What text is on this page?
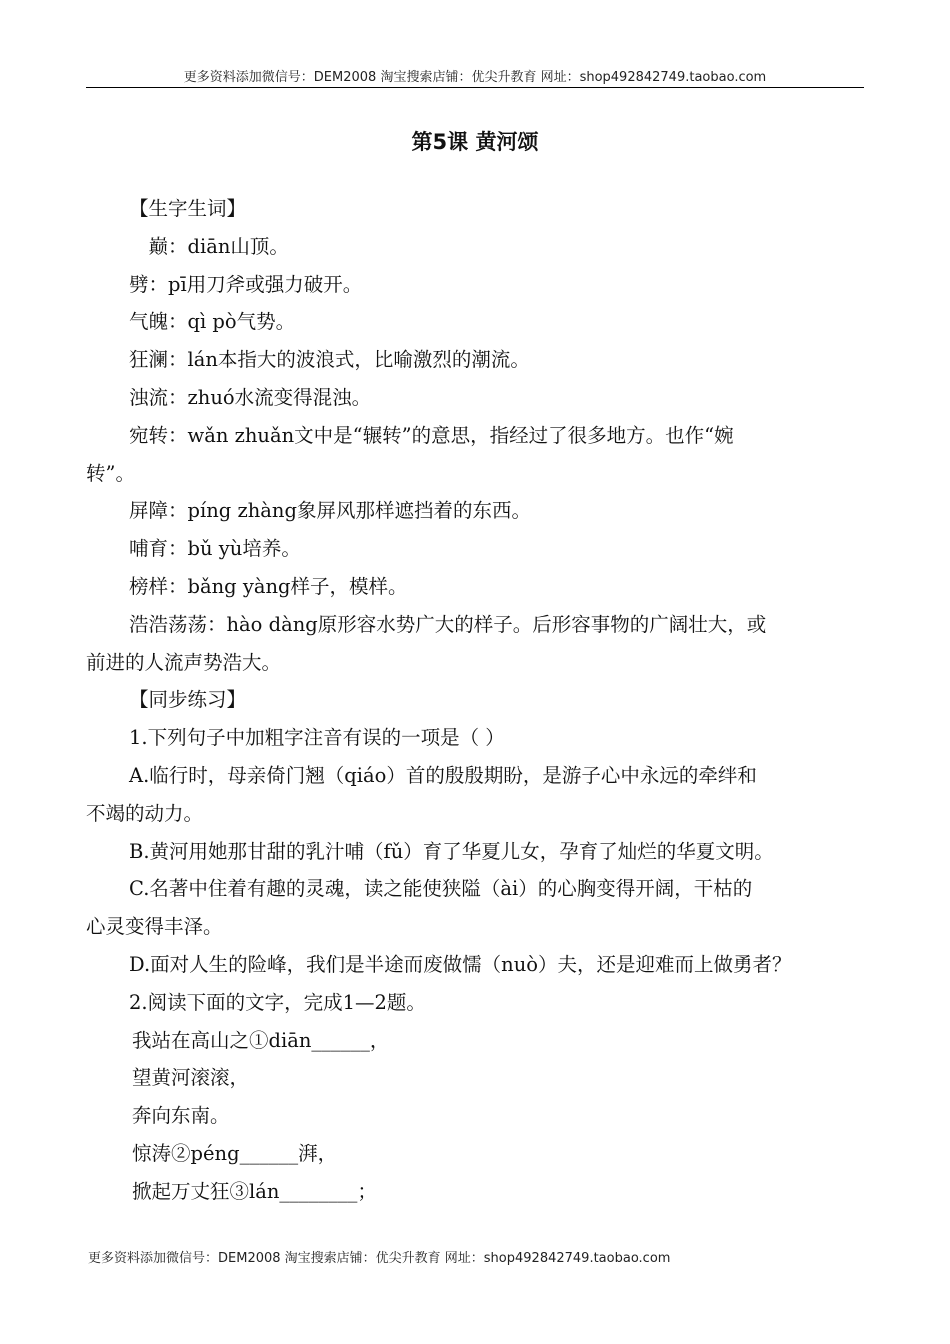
更多资料添加微信号：DEM2008 淘宝搜索店铺：优尖升教育 网址：shop492842749.taobao.com
第5课 黄河颂

【生字生词】

　巅：diān山顶。

劈：pī用刀斧或强力破开。

气魄：qì pò气势。

狂澜：lán本指大的波浪式，比喻激烈的潮流。

浊流：zhuó水流变得混浊。

宛转：wǎn zhuǎn文中是“辗转”的意思，指经过了很多地方。也作“婉

转”。

屏障：píng zhàng象屏风那样遮挡着的东西。

哺育：bǔ yù培养。

榜样：bǎng yàng样子，模样。

浩浩荡荡：hào dàng原形容水势广大的样子。后形容事物的广阔壮大，或

前进的人流声势浩大。

【同步练习】

1.下列句子中加粗字注音有误的一项是（ ）

A.临行时，母亲倚门翘（qiáo）首的殷殷期盼，是游子心中永远的牵绊和

不竭的动力。

B.黄河用她那甘甜的乳汁哺（fǔ）育了华夏儿女，孕育了灿烂的华夏文明。

C.名著中住着有趣的灵魂，读之能使狭隘（ài）的心胸变得开阔，干枯的

心灵变得丰泽。

D.面对人生的险峰，我们是半途而废做懦（nuò）夫，还是迎难而上做勇者？

2.阅读下面的文字，完成1—2题。

我站在高山之①diān______，

望黄河滚滚，

奔向东南。

惊涛②péng______湃，

掀起万丈狂③lán________；

更多资料添加微信号：DEM2008 淘宝搜索店铺：优尖升教育 网址：shop492842749.taobao.com
